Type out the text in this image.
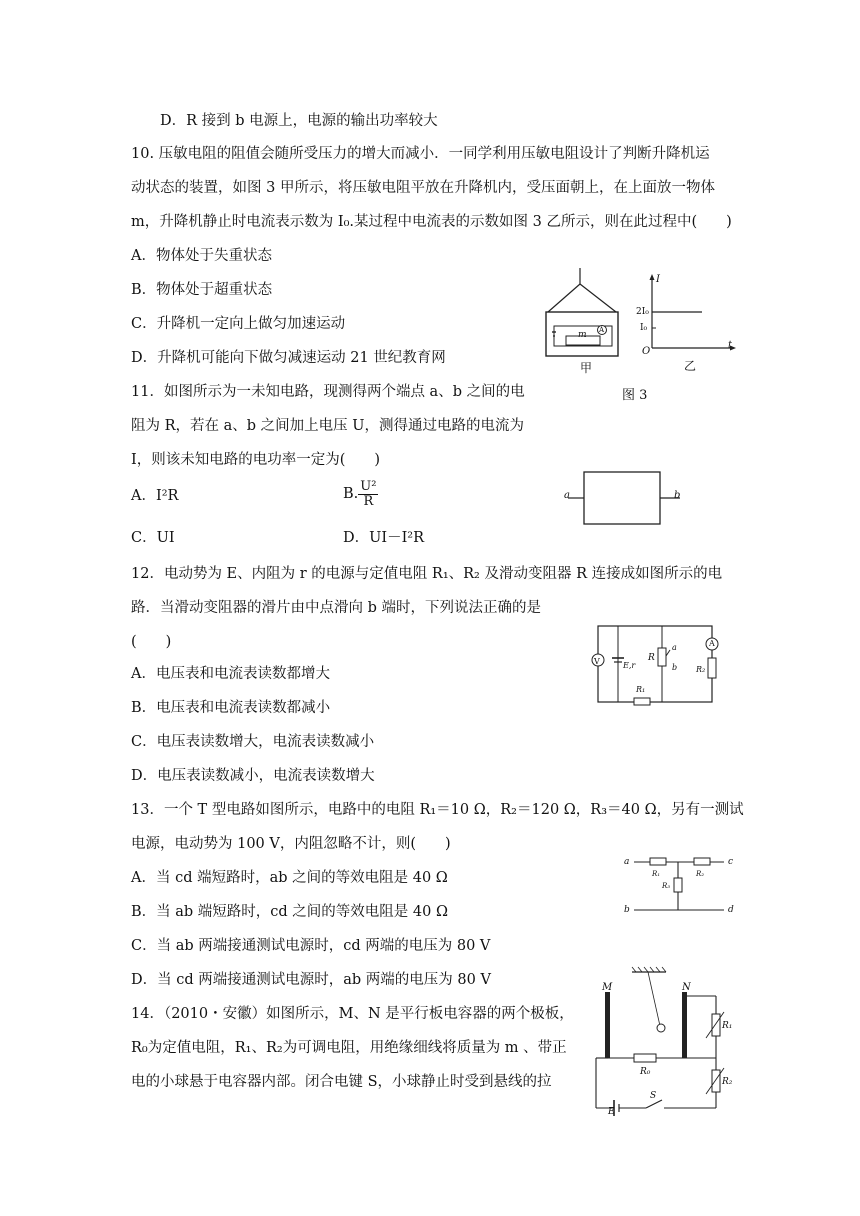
D．R 接到 b 电源上，电源的输出功率较大
10. 压敏电阻的阻值会随所受压力的增大而减小．一同学利用压敏电阻设计了判断升降机运
动状态的装置，如图 3 甲所示，将压敏电阻平放在升降机内，受压面朝上，在上面放一物体
m，升降机静止时电流表示数为 I₀.某过程中电流表的示数如图 3 乙所示，则在此过程中(　　)
A．物体处于失重状态
B．物体处于超重状态
C．升降机一定向上做匀加速运动
D．升降机可能向下做匀减速运动 21 世纪教育网
11．如图所示为一未知电路，现测得两个端点 a、b 之间的电
阻为 R，若在 a、b 之间加上电压 U，测得通过电路的电流为
I，则该未知电路的电功率一定为(　　)
A．I²R	B. $\frac{\text{U²}}{R}$
C．UI	D．UI－I²R
12．电动势为 E、内阻为 r 的电源与定值电阻 R₁、R₂ 及滑动变阻器 R 连接成如图所示的电
路．当滑动变阻器的滑片由中点滑向 b 端时，下列说法正确的是
(　　)
A．电压表和电流表读数都增大
B．电压表和电流表读数都减小
C．电压表读数增大，电流表读数减小
D．电压表读数减小，电流表读数增大
13．一个 T 型电路如图所示，电路中的电阻 R₁＝10 Ω，R₂＝120 Ω，R₃＝40 Ω，另有一测试
电源，电动势为 100 V，内阻忽略不计，则(　　)
A．当 cd 端短路时，ab 之间的等效电阻是 40 Ω
B．当 ab 端短路时，cd 之间的等效电阻是 40 Ω
C．当 ab 两端接通测试电源时，cd 两端的电压为 80 V
D．当 cd 两端接通测试电源时，ab 两端的电压为 80 V
14．（2010・安徽）如图所示，M、N 是平行板电容器的两个极板，
R₀为定值电阻，R₁、R₂为可调电阻，用绝缘细线将质量为 m 、带正
电的小球悬于电容器内部。闭合电键 S，小球静止时受到悬线的拉
m A
甲
I
2I₀
I₀
O
t
乙
图 3
a	b
V	E,r
R
a
b
A
R₂
R₁
a	c
b	d
R₁	R₂
R₃
M	N
R₁
R₀
R₂
E
S
